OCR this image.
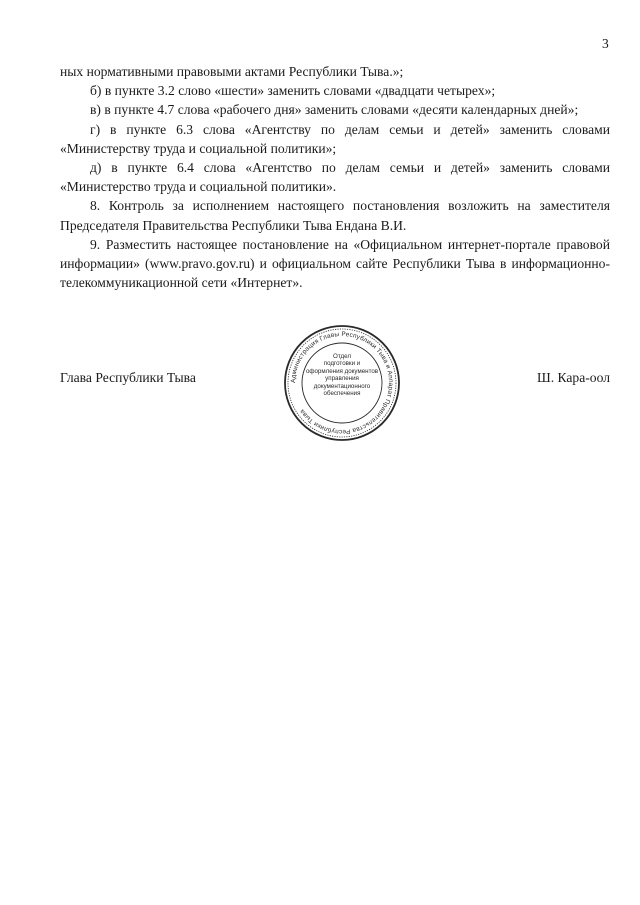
3

ных нормативными правовыми актами Республики Тыва.»;

б) в пункте 3.2 слово «шести» заменить словами «двадцати четырех»;

в) в пункте 4.7 слова «рабочего дня» заменить словами «десяти календарных дней»;

г) в пункте 6.3 слова «Агентству по делам семьи и детей» заменить словами «Министерству труда и социальной политики»;

д) в пункте 6.4 слова «Агентство по делам семьи и детей» заменить словами «Министерство труда и социальной политики».

8. Контроль за исполнением настоящего постановления возложить на заместителя Председателя Правительства Республики Тыва Ендана В.И.

9. Разместить настоящее постановление на «Официальном интернет-портале правовой информации» (www.pravo.gov.ru) и официальном сайте Республики Тыва в информационно-телекоммуникационной сети «Интернет».

Глава Республики Тыва	Ш. Кара-оол
Администрация Главы Республики Тыва и Аппарат Правительства Республики Тыва
Отдел
подготовки и
оформления документов
управления
документационного
обеспечения
